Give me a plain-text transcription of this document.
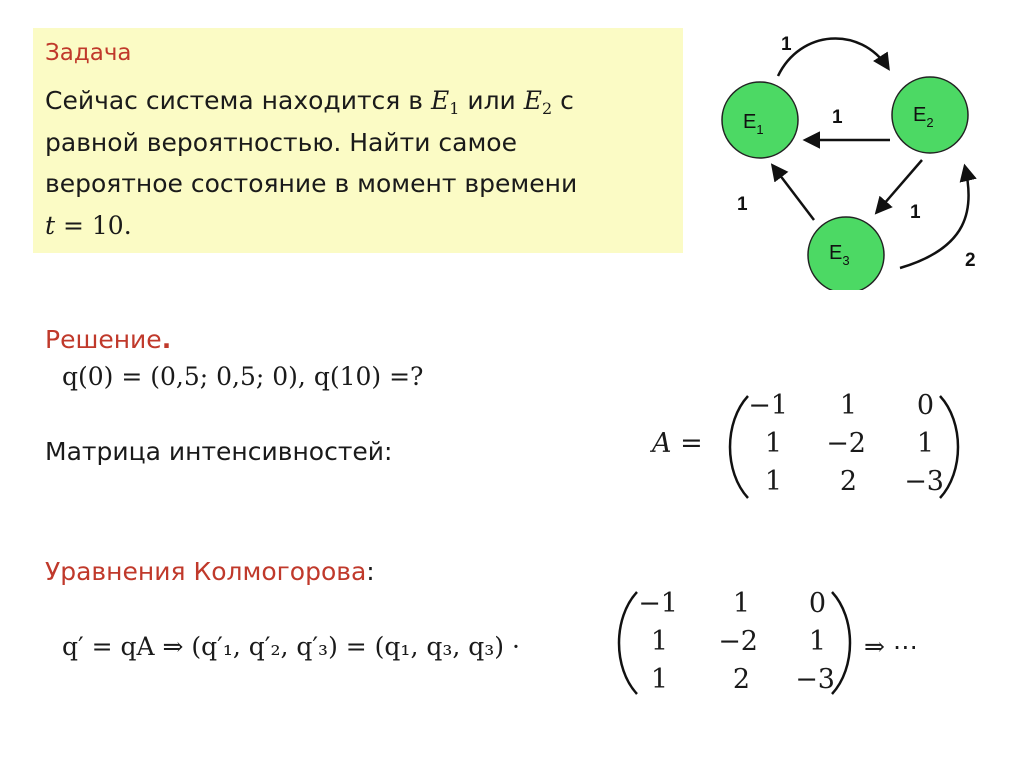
Задача
Сейчас система находится в $E_1$ или $E_2$ с
равной вероятностью. Найти самое
вероятное состояние в момент времени
t = 10.
$E_1$
$E_2$
$E_3$
1
1
1	1
2
Решение.
q(0) = (0,5; 0,5; 0), q(10) =?
Матрица интенсивностей:	A =
−1	1	0
1	−2	1
1	2	−3
Уравнения Колмогорова:
q′ = qA ⇒ (q′₁, q′₂, q′₃) = (q₁, q₃, q₃) ·
−1	1	0
1	−2	1
1	2	−3
⇒ ⋯
